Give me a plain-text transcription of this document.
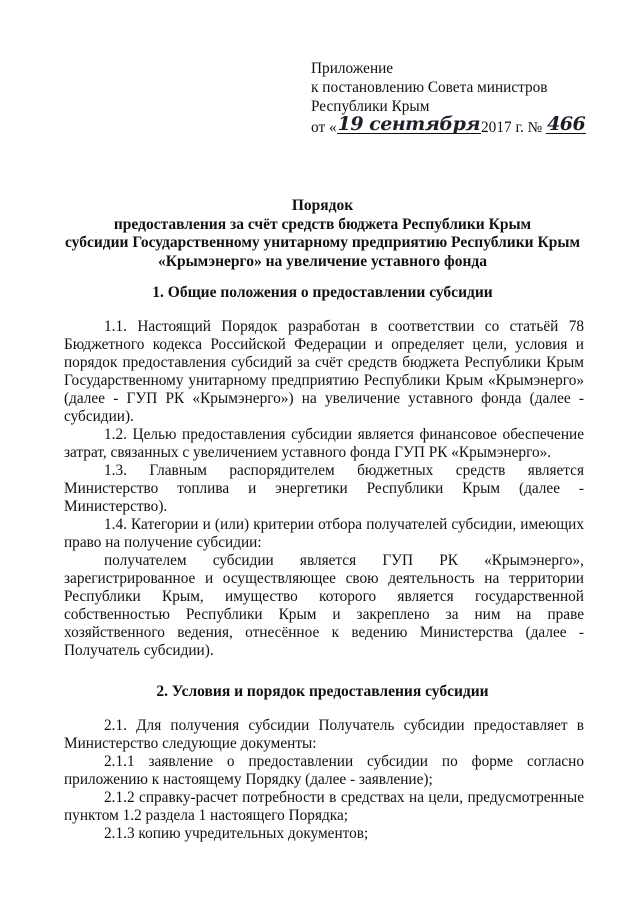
Приложение
к постановлению Совета министров
Республики Крым
от «19 сентября2017 г. № 466
Порядок
предоставления за счёт средств бюджета Республики Крым
субсидии Государственному унитарному предприятию Республики Крым
«Крымэнерго» на увеличение уставного фонда
1. Общие положения о предоставлении субсидии

1.1. Настоящий Порядок разработан в соответствии со статьёй 78 Бюджетного кодекса Российской Федерации и определяет цели, условия и порядок предоставления субсидий за счёт средств бюджета Республики Крым Государственному унитарному предприятию Республики Крым «Крымэнерго» (далее - ГУП РК «Крымэнерго») на увеличение уставного фонда (далее - субсидии).

1.2. Целью предоставления субсидии является финансовое обеспечение затрат, связанных с увеличением уставного фонда ГУП РК «Крымэнерго».

1.3. Главным распорядителем бюджетных средств является Министерство топлива и энергетики Республики Крым (далее - Министерство).

1.4. Категории и (или) критерии отбора получателей субсидии, имеющих право на получение субсидии:

получателем субсидии является ГУП РК «Крымэнерго», зарегистрированное и осуществляющее свою деятельность на территории Республики Крым, имущество которого является государственной собственностью Республики Крым и закреплено за ним на праве хозяйственного ведения, отнесённое к ведению Министерства (далее - Получатель субсидии).

2. Условия и порядок предоставления субсидии

2.1. Для получения субсидии Получатель субсидии предоставляет в Министерство следующие документы:

2.1.1 заявление о предоставлении субсидии по форме согласно приложению к настоящему Порядку (далее - заявление);

2.1.2 справку-расчет потребности в средствах на цели, предусмотренные пунктом 1.2 раздела 1 настоящего Порядка;

2.1.3 копию учредительных документов;
